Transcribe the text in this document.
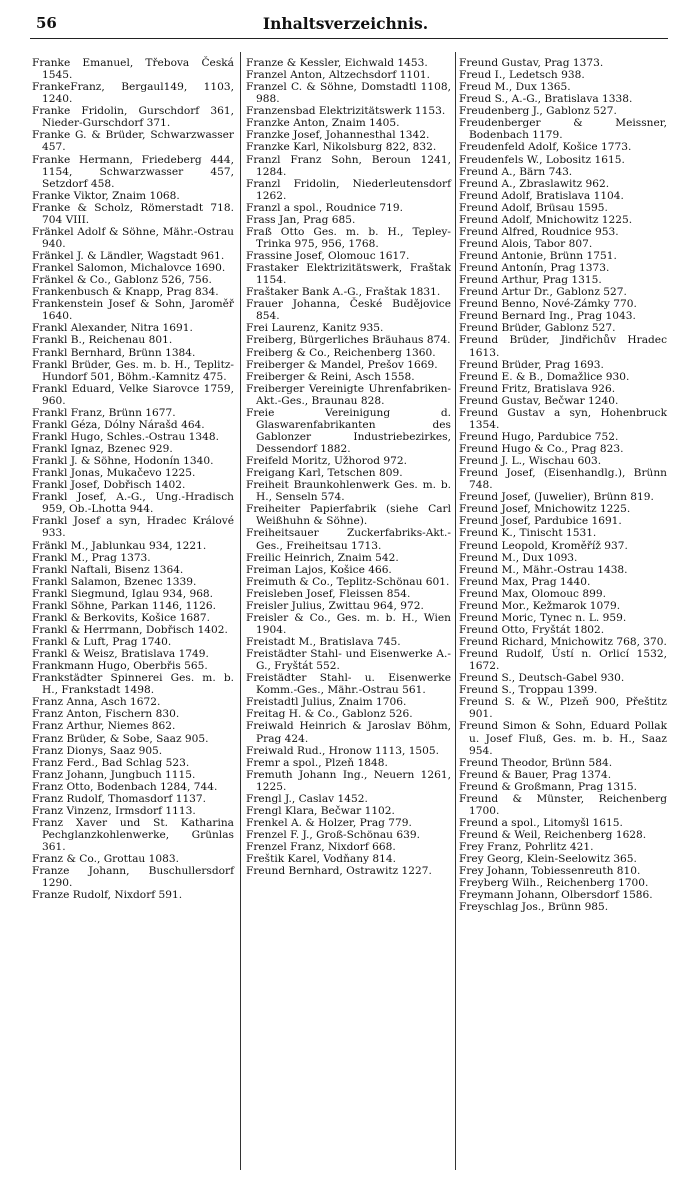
56	Inhaltsverzeichnis.
Franke Emanuel, Třebova Česká 1545.
FrankeFranz, Bergaul149, 1103, 1240.
Franke Fridolin, Gurschdorf 361, Nieder-Gurschdorf 371.
Franke G. & Brüder, Schwarzwasser 457.
Franke Hermann, Friedeberg 444, 1154, Schwarzwasser 457, Setzdorf 458.
Franke Viktor, Znaim 1068.
Franke & Scholz, Römerstadt 718. 704 VIII.
Fränkel Adolf & Söhne, Mähr.-Ostrau 940.
Fränkel J. & Ländler, Wagstadt 961.
Frankel Salomon, Michalovce 1690.
Fränkel & Co., Gablonz 526, 756.
Frankenbusch & Knapp, Prag 834.
Frankenstein Josef & Sohn, Jaroměř 1640.
Frankl Alexander, Nitra 1691.
Frankl B., Reichenau 801.
Frankl Bernhard, Brünn 1384.
Frankl Brüder, Ges. m. b. H., Teplitz-Hundorf 501, Böhm.-Kamnitz 475.
Frankl Eduard, Velke Siarovce 1759, 960.
Frankl Franz, Brünn 1677.
Frankl Géza, Dólny Nárašd 464.
Frankl Hugo, Schles.-Ostrau 1348.
Frankl Ignaz, Bzenec 929.
Frankl J. & Söhne, Hodonín 1340.
Frankl Jonas, Mukačevo 1225.
Frankl Josef, Dobřisch 1402.
Frankl Josef, A.-G., Ung.-Hradisch 959, Ob.-Lhotta 944.
Frankl Josef a syn, Hradec Králové 933.
Fränkl M., Jablunkau 934, 1221.
Frankl M., Prag 1373.
Frankl Naftali, Bisenz 1364.
Frankl Salamon, Bzenec 1339.
Frankl Siegmund, Iglau 934, 968.
Frankl Söhne, Parkan 1146, 1126.
Frankl & Berkovits, Košice 1687.
Frankl & Herrmann, Dobřisch 1402.
Frankl & Luft, Prag 1740.
Frankl & Weisz, Bratislava 1749.
Frankmann Hugo, Oberbřis 565.
Frankstädter Spinnerei Ges. m. b. H., Frankstadt 1498.
Franz Anna, Asch 1672.
Franz Anton, Fischern 830.
Franz Arthur, Niemes 862.
Franz Brüder, & Sobe, Saaz 905.
Franz Dionys, Saaz 905.
Franz Ferd., Bad Schlag 523.
Franz Johann, Jungbuch 1115.
Franz Otto, Bodenbach 1284, 744.
Franz Rudolf, Thomasdorf 1137.
Franz Vinzenz, Irmsdorf 1113.
Franz Xaver und St. Katharina Pechglanzkohlenwerke, Grünlas 361.
Franz & Co., Grottau 1083.
Franze Johann, Buschullersdorf 1290.
Franze Rudolf, Nixdorf 591.
Franze & Kessler, Eichwald 1453.
Franzel Anton, Altzechsdorf 1101.
Franzel C. & Söhne, Domstadtl 1108, 988.
Franzensbad Elektrizitätswerk 1153.
Franzke Anton, Znaim 1405.
Franzke Josef, Johannesthal 1342.
Franzke Karl, Nikolsburg 822, 832.
Franzl Franz Sohn, Beroun 1241, 1284.
Franzl Fridolin, Niederleutensdorf 1262.
Franzl a spol., Roudnice 719.
Frass Jan, Prag 685.
Fraß Otto Ges. m. b. H., Tepley-Trinka 975, 956, 1768.
Frassine Josef, Olomouc 1617.
Frastaker Elektrizitätswerk, Fraštak 1154.
Fraštaker Bank A.-G., Fraštak 1831.
Frauer Johanna, České Budějovice 854.
Frei Laurenz, Kanitz 935.
Freiberg, Bürgerliches Bräuhaus 874.
Freiberg & Co., Reichenberg 1360.
Freiberger & Mandel, Prešov 1669.
Freiberger & Reini, Asch 1558.
Freiberger Vereinigte Uhrenfabriken-Akt.-Ges., Braunau 828.
Freie Vereinigung d. Glaswarenfabrikanten des Gablonzer Industriebezirkes, Dessendorf 1882.
Freifeld Moritz, Užhorod 972.
Freigang Karl, Tetschen 809.
Freiheit Braunkohlenwerk Ges. m. b. H., Senseln 574.
Freiheiter Papierfabrik (siehe Carl Weißhuhn & Söhne).
Freiheitsauer Zuckerfabriks-Akt.-Ges., Freiheitsau 1713.
Freilic Heinrich, Znaim 542.
Freiman Lajos, Košice 466.
Freimuth & Co., Teplitz-Schönau 601.
Freisleben Josef, Fleissen 854.
Freisler Julius, Zwittau 964, 972.
Freisler & Co., Ges. m. b. H., Wien 1904.
Freistadt M., Bratislava 745.
Freistädter Stahl- und Eisenwerke A.-G., Fryštát 552.
Freistädter Stahl- u. Eisenwerke Komm.-Ges., Mähr.-Ostrau 561.
Freistadtl Julius, Znaim 1706.
Freitag H. & Co., Gablonz 526.
Freiwald Heinrich & Jaroslav Böhm, Prag 424.
Freiwald Rud., Hronow 1113, 1505.
Fremr a spol., Plzeň 1848.
Fremuth Johann Ing., Neuern 1261, 1225.
Frengl J., Caslav 1452.
Frengl Klara, Bečwar 1102.
Frenkel A. & Holzer, Prag 779.
Frenzel F. J., Groß-Schönau 639.
Frenzel Franz, Nixdorf 668.
Freštik Karel, Vodňany 814.
Freund Bernhard, Ostrawitz 1227.
Freund Gustav, Prag 1373.
Freud I., Ledetsch 938.
Freud M., Dux 1365.
Freud S., A.-G., Bratislava 1338.
Freudenberg J., Gablonz 527.
Freudenberger & Meissner, Bodenbach 1179.
Freudenfeld Adolf, Košice 1773.
Freudenfels W., Lobositz 1615.
Freund A., Bärn 743.
Freund A., Zbraslawitz 962.
Freund Adolf, Bratislava 1104.
Freund Adolf, Brüsau 1595.
Freund Adolf, Mnichowitz 1225.
Freund Alfred, Roudnice 953.
Freund Alois, Tabor 807.
Freund Antonie, Brünn 1751.
Freund Antonín, Prag 1373.
Freund Arthur, Prag 1315.
Freund Artur Dr., Gablonz 527.
Freund Benno, Nové-Zámky 770.
Freund Bernard Ing., Prag 1043.
Freund Brüder, Gablonz 527.
Freund Brüder, Jindřichův Hradec 1613.
Freund Brüder, Prag 1693.
Freund E. & B., Domažlice 930.
Freund Fritz, Bratislava 926.
Freund Gustav, Bečwar 1240.
Freund Gustav a syn, Hohenbruck 1354.
Freund Hugo, Pardubice 752.
Freund Hugo & Co., Prag 823.
Freund J. L., Wischau 603.
Freund Josef, (Eisenhandlg.), Brünn 748.
Freund Josef, (Juwelier), Brünn 819.
Freund Josef, Mnichowitz 1225.
Freund Josef, Pardubice 1691.
Freund K., Tinischt 1531.
Freund Leopold, Kroměříž 937.
Freund M., Dux 1093.
Freund M., Mähr.-Ostrau 1438.
Freund Max, Prag 1440.
Freund Max, Olomouc 899.
Freund Mor., Kežmarok 1079.
Freund Moric, Tynec n. L. 959.
Freund Otto, Fryštát 1802.
Freund Richard, Mnichowitz 768, 370.
Freund Rudolf, Ústí n. Orlicí 1532, 1672.
Freund S., Deutsch-Gabel 930.
Freund S., Troppau 1399.
Freund S. & W., Plzeň 900, Přeštitz 901.
Freund Simon & Sohn, Eduard Pollak u. Josef Fluß, Ges. m. b. H., Saaz 954.
Freund Theodor, Brünn 584.
Freund & Bauer, Prag 1374.
Freund & Großmann, Prag 1315.
Freund & Münster, Reichenberg 1700.
Freund a spol., Litomyšl 1615.
Freund & Weil, Reichenberg 1628.
Frey Franz, Pohrlitz 421.
Frey Georg, Klein-Seelowitz 365.
Frey Johann, Tobiessenreuth 810.
Freyberg Wilh., Reichenberg 1700.
Freymann Johann, Olbersdorf 1586.
Freyschlag Jos., Brünn 985.
